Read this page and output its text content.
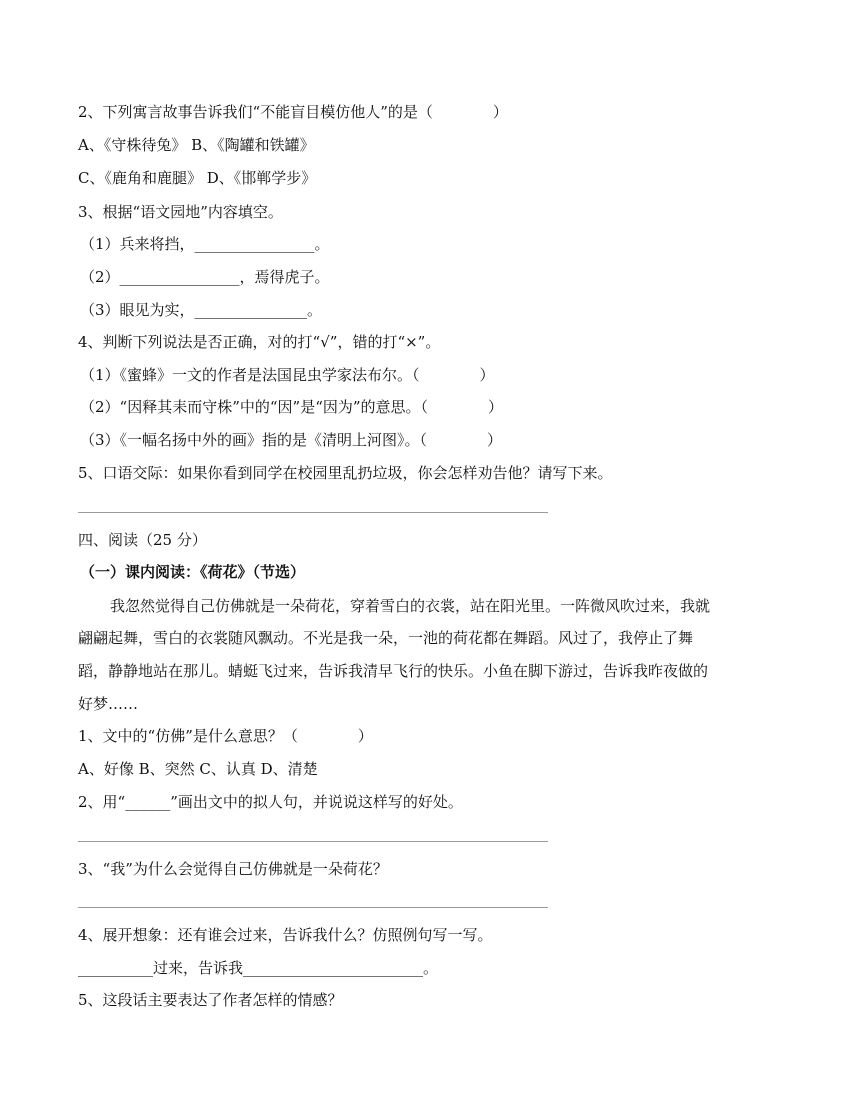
2、下列寓言故事告诉我们“不能盲目模仿他人”的是（　　　　）
A、《守株待兔》 B、《陶罐和铁罐》
C、《鹿角和鹿腿》 D、《邯郸学步》
3、根据“语文园地”内容填空。
（1）兵来将挡，________________。
（2）________________，焉得虎子。
（3）眼见为实，_______________。
4、判断下列说法是否正确，对的打“√”，错的打“×”。
（1）《蜜蜂》一文的作者是法国昆虫学家法布尔。（　　　　）
（2）“因释其耒而守株”中的“因”是“因为”的意思。（　　　　）
（3）《一幅名扬中外的画》指的是《清明上河图》。（　　　　）
5、口语交际：如果你看到同学在校园里乱扔垃圾，你会怎样劝告他？请写下来。
四、阅读（25 分）
（一）课内阅读：《荷花》（节选）
我忽然觉得自己仿佛就是一朵荷花，穿着雪白的衣裳，站在阳光里。一阵微风吹过来，我就
翩翩起舞，雪白的衣裳随风飘动。不光是我一朵，一池的荷花都在舞蹈。风过了，我停止了舞
蹈，静静地站在那儿。蜻蜓飞过来，告诉我清早飞行的快乐。小鱼在脚下游过，告诉我昨夜做的
好梦……
1、文中的“仿佛”是什么意思？（　　　　）
A、好像 B、突然 C、认真 D、清楚
2、用“______”画出文中的拟人句，并说说这样写的好处。
3、“我”为什么会觉得自己仿佛就是一朵荷花？
4、展开想象：还有谁会过来，告诉我什么？仿照例句写一写。
__________过来，告诉我________________________。
5、这段话主要表达了作者怎样的情感？
